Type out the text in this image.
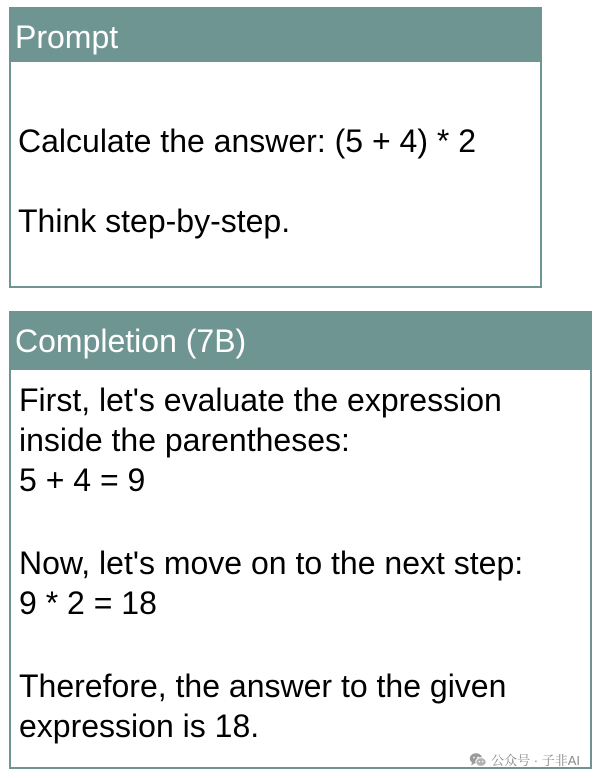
Prompt

Calculate the answer: (5 + 4) * 2

Think step-by-step.

Completion (7B)

First, let's evaluate the expression
inside the parentheses:
5 + 4 = 9

Now, let's move on to the next step:
9 * 2 = 18

Therefore, the answer to the given
expression is 18.

公众号 · 子非AI
